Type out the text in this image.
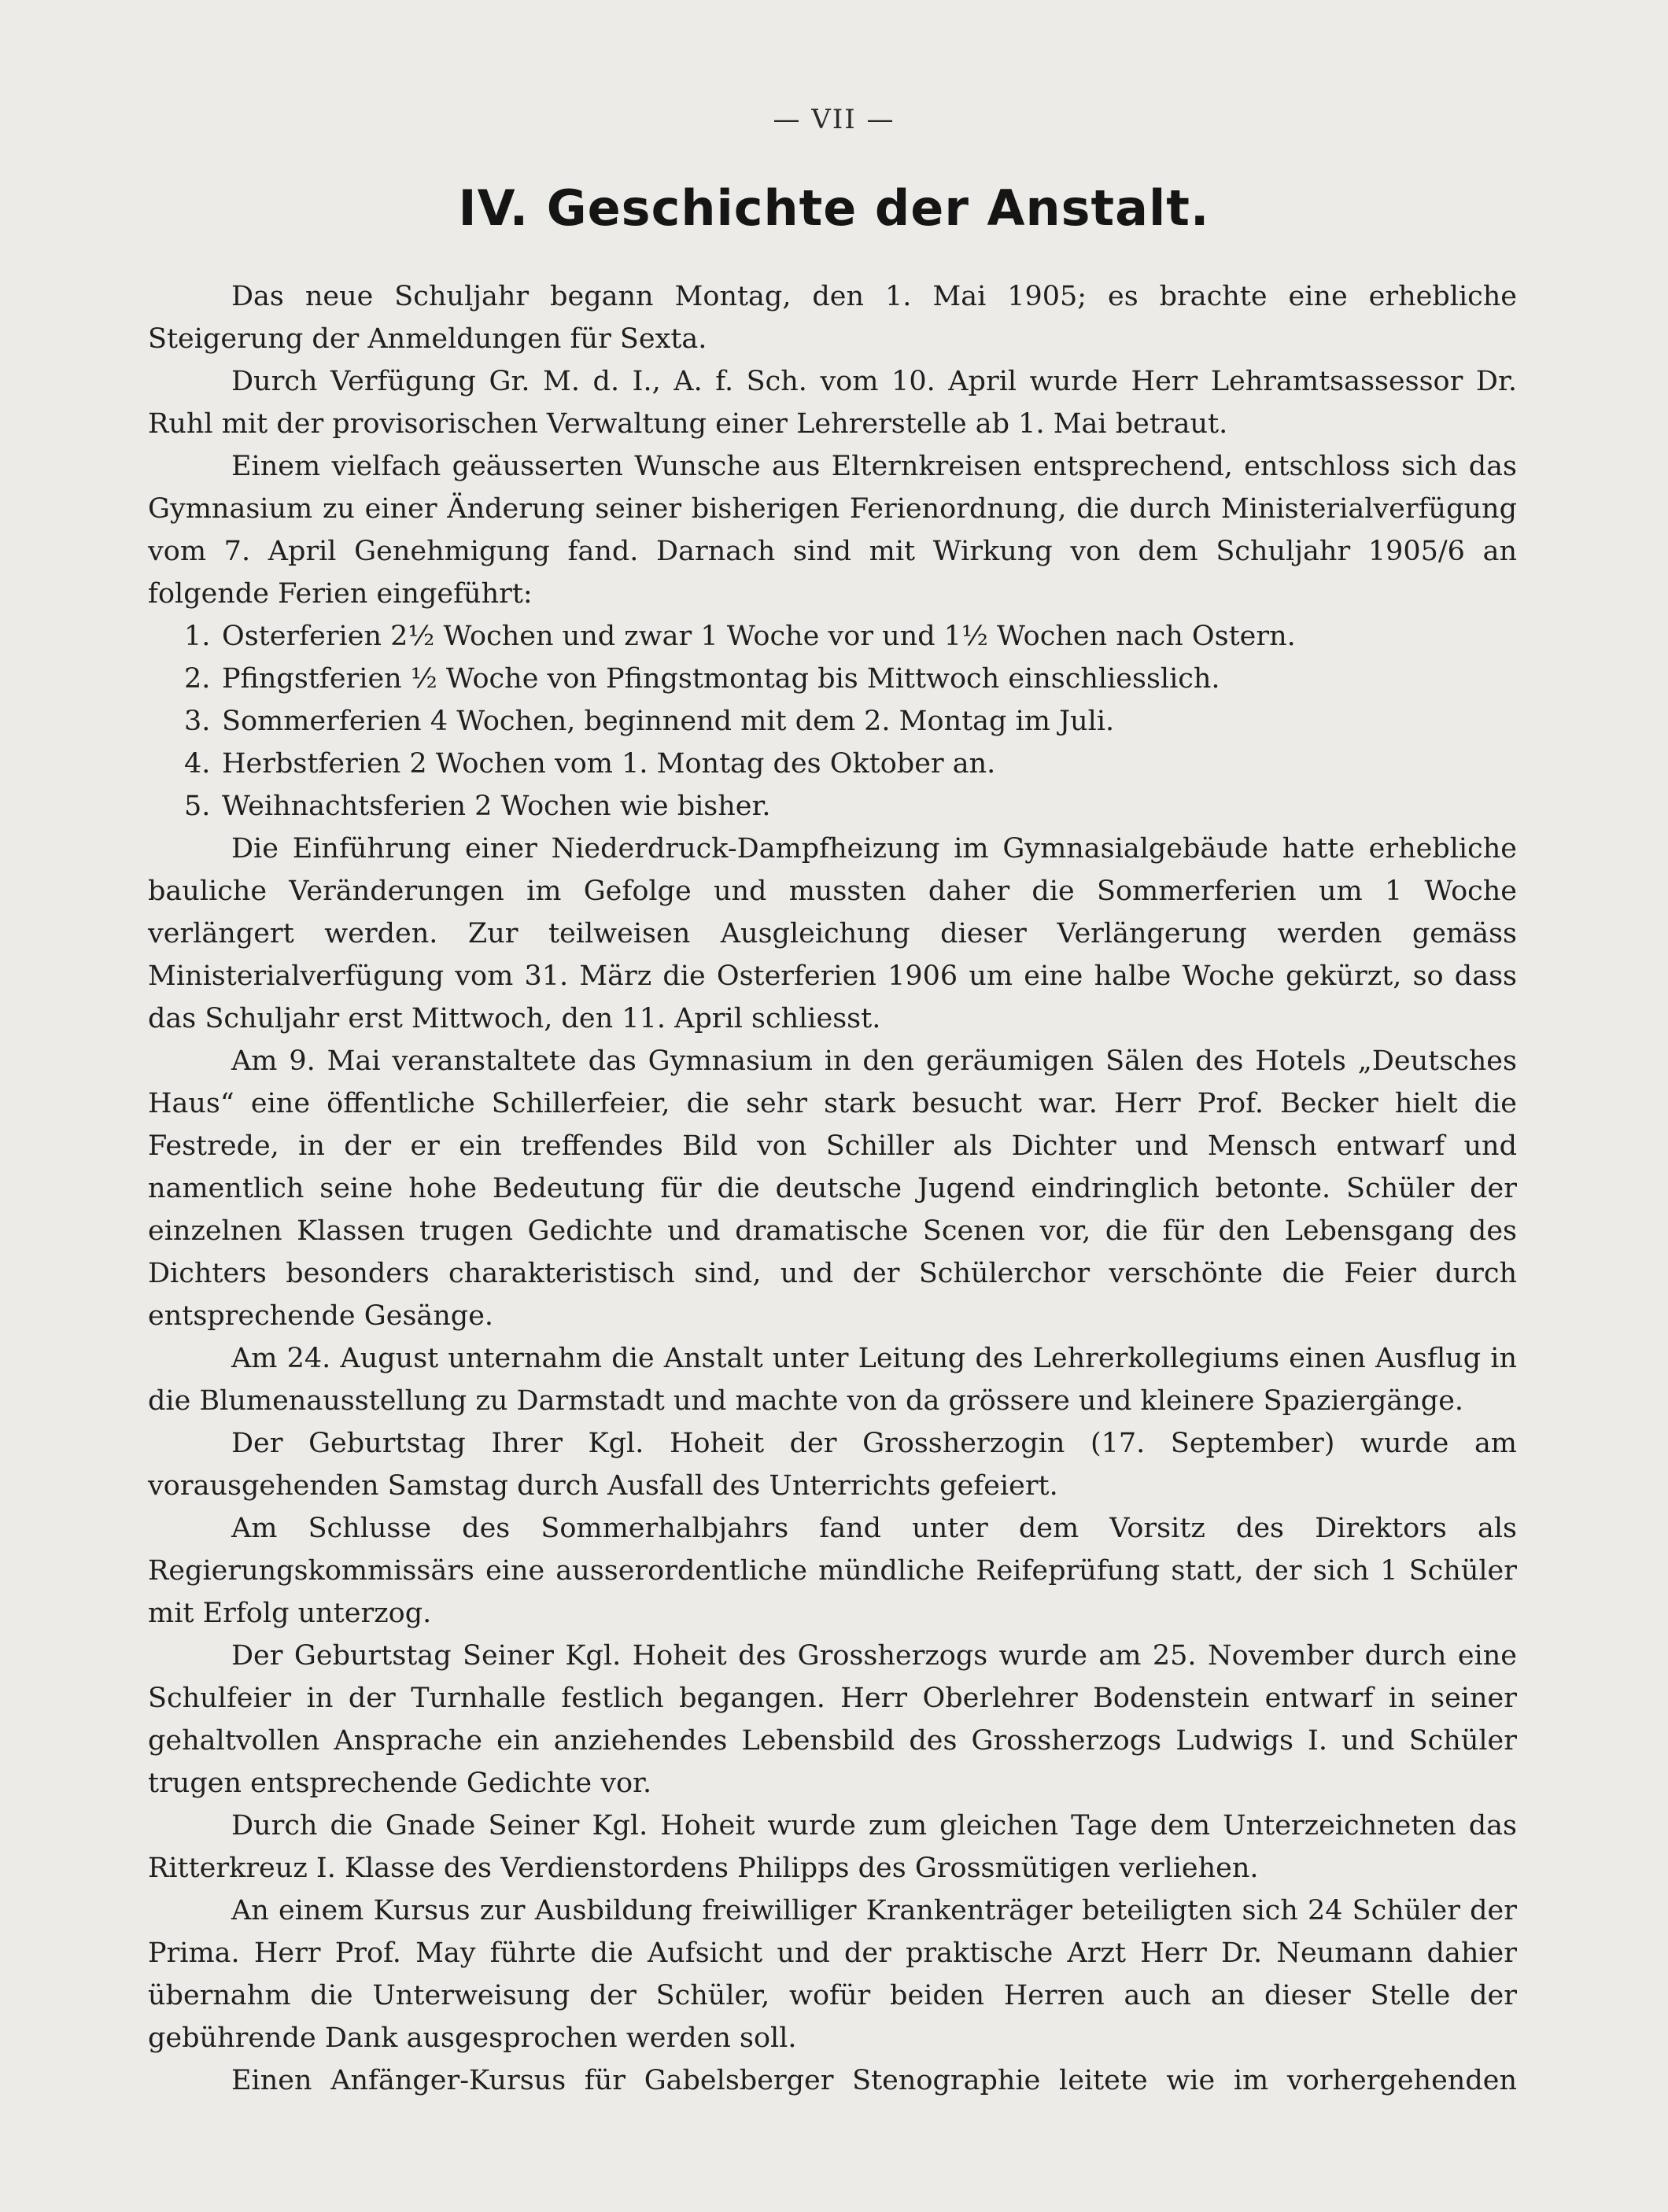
— VII —
IV. Geschichte der Anstalt.

Das neue Schuljahr begann Montag, den 1. Mai 1905; es brachte eine erhebliche Steigerung der Anmeldungen für Sexta.

Durch Verfügung Gr. M. d. I., A. f. Sch. vom 10. April wurde Herr Lehramtsassessor Dr. Ruhl mit der provisorischen Verwaltung einer Lehrerstelle ab 1. Mai betraut.

Einem vielfach geäusserten Wunsche aus Elternkreisen entsprechend, entschloss sich das Gymnasium zu einer Änderung seiner bisherigen Ferienordnung, die durch Ministerialverfügung vom 7. April Genehmigung fand. Darnach sind mit Wirkung von dem Schuljahr 1905/6 an folgende Ferien eingeführt:

1. Osterferien 2½ Wochen und zwar 1 Woche vor und 1½ Wochen nach Ostern.
2. Pfingstferien ½ Woche von Pfingstmontag bis Mittwoch einschliesslich.
3. Sommerferien 4 Wochen, beginnend mit dem 2. Montag im Juli.
4. Herbstferien 2 Wochen vom 1. Montag des Oktober an.
5. Weihnachtsferien 2 Wochen wie bisher.

Die Einführung einer Niederdruck-Dampfheizung im Gymnasialgebäude hatte erhebliche bauliche Veränderungen im Gefolge und mussten daher die Sommerferien um 1 Woche verlängert werden. Zur teilweisen Ausgleichung dieser Verlängerung werden gemäss Ministerialverfügung vom 31. März die Osterferien 1906 um eine halbe Woche gekürzt, so dass das Schuljahr erst Mittwoch, den 11. April schliesst.

Am 9. Mai veranstaltete das Gymnasium in den geräumigen Sälen des Hotels „Deutsches Haus“ eine öffentliche Schillerfeier, die sehr stark besucht war. Herr Prof. Becker hielt die Festrede, in der er ein treffendes Bild von Schiller als Dichter und Mensch entwarf und namentlich seine hohe Bedeutung für die deutsche Jugend eindringlich betonte. Schüler der einzelnen Klassen trugen Gedichte und dramatische Scenen vor, die für den Lebensgang des Dichters besonders charakteristisch sind, und der Schülerchor verschönte die Feier durch entsprechende Gesänge.

Am 24. August unternahm die Anstalt unter Leitung des Lehrerkollegiums einen Ausflug in die Blumenausstellung zu Darmstadt und machte von da grössere und kleinere Spaziergänge.

Der Geburtstag Ihrer Kgl. Hoheit der Grossherzogin (17. September) wurde am vorausgehenden Samstag durch Ausfall des Unterrichts gefeiert.

Am Schlusse des Sommerhalbjahrs fand unter dem Vorsitz des Direktors als Regierungskommissärs eine ausserordentliche mündliche Reifeprüfung statt, der sich 1 Schüler mit Erfolg unterzog.

Der Geburtstag Seiner Kgl. Hoheit des Grossherzogs wurde am 25. November durch eine Schulfeier in der Turnhalle festlich begangen. Herr Oberlehrer Bodenstein entwarf in seiner gehaltvollen Ansprache ein anziehendes Lebensbild des Grossherzogs Ludwigs I. und Schüler trugen entsprechende Gedichte vor.

Durch die Gnade Seiner Kgl. Hoheit wurde zum gleichen Tage dem Unterzeichneten das Ritterkreuz I. Klasse des Verdienstordens Philipps des Grossmütigen verliehen.

An einem Kursus zur Ausbildung freiwilliger Krankenträger beteiligten sich 24 Schüler der Prima. Herr Prof. May führte die Aufsicht und der praktische Arzt Herr Dr. Neumann dahier übernahm die Unterweisung der Schüler, wofür beiden Herren auch an dieser Stelle der gebührende Dank ausgesprochen werden soll.

Einen Anfänger-Kursus für Gabelsberger Stenographie leitete wie im vorhergehenden
